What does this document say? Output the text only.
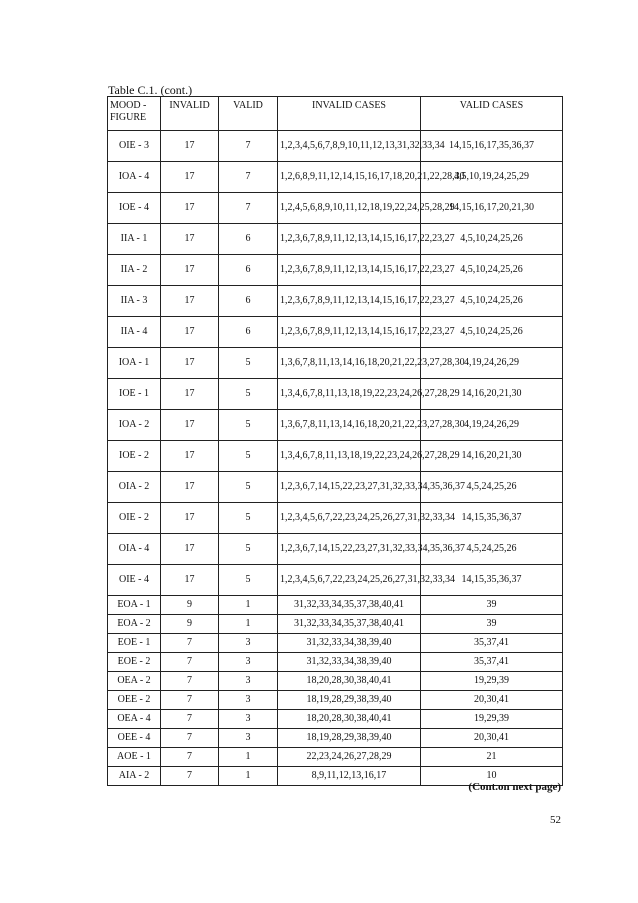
Table C.1. (cont.)
MOOD - FIGURE	INVALID	VALID	INVALID CASES	VALID CASES
OIE - 3	17	7	1,2,3,4,5,6,7,8,9,10,11,12,13,31,32,33,34	14,15,16,17,35,36,37
IOA - 4	17	7	1,2,6,8,9,11,12,14,15,16,17,18,20,21,22,28,30	4,5,10,19,24,25,29
IOE - 4	17	7	1,2,4,5,6,8,9,10,11,12,18,19,22,24,25,28,29	14,15,16,17,20,21,30
IIA - 1	17	6	1,2,3,6,7,8,9,11,12,13,14,15,16,17,22,23,27	4,5,10,24,25,26
IIA - 2	17	6	1,2,3,6,7,8,9,11,12,13,14,15,16,17,22,23,27	4,5,10,24,25,26
IIA - 3	17	6	1,2,3,6,7,8,9,11,12,13,14,15,16,17,22,23,27	4,5,10,24,25,26
IIA - 4	17	6	1,2,3,6,7,8,9,11,12,13,14,15,16,17,22,23,27	4,5,10,24,25,26
IOA - 1	17	5	1,3,6,7,8,11,13,14,16,18,20,21,22,23,27,28,30	4,19,24,26,29
IOE - 1	17	5	1,3,4,6,7,8,11,13,18,19,22,23,24,26,27,28,29	14,16,20,21,30
IOA - 2	17	5	1,3,6,7,8,11,13,14,16,18,20,21,22,23,27,28,30	4,19,24,26,29
IOE - 2	17	5	1,3,4,6,7,8,11,13,18,19,22,23,24,26,27,28,29	14,16,20,21,30
OIA - 2	17	5	1,2,3,6,7,14,15,22,23,27,31,32,33,34,35,36,37	4,5,24,25,26
OIE - 2	17	5	1,2,3,4,5,6,7,22,23,24,25,26,27,31,32,33,34	14,15,35,36,37
OIA - 4	17	5	1,2,3,6,7,14,15,22,23,27,31,32,33,34,35,36,37	4,5,24,25,26
OIE - 4	17	5	1,2,3,4,5,6,7,22,23,24,25,26,27,31,32,33,34	14,15,35,36,37
EOA - 1	9	1	31,32,33,34,35,37,38,40,41	39
EOA - 2	9	1	31,32,33,34,35,37,38,40,41	39
EOE - 1	7	3	31,32,33,34,38,39,40	35,37,41
EOE - 2	7	3	31,32,33,34,38,39,40	35,37,41
OEA - 2	7	3	18,20,28,30,38,40,41	19,29,39
OEE - 2	7	3	18,19,28,29,38,39,40	20,30,41
OEA - 4	7	3	18,20,28,30,38,40,41	19,29,39
OEE - 4	7	3	18,19,28,29,38,39,40	20,30,41
AOE - 1	7	1	22,23,24,26,27,28,29	21
AIA - 2	7	1	8,9,11,12,13,16,17	10
(Cont.on next page)
52
